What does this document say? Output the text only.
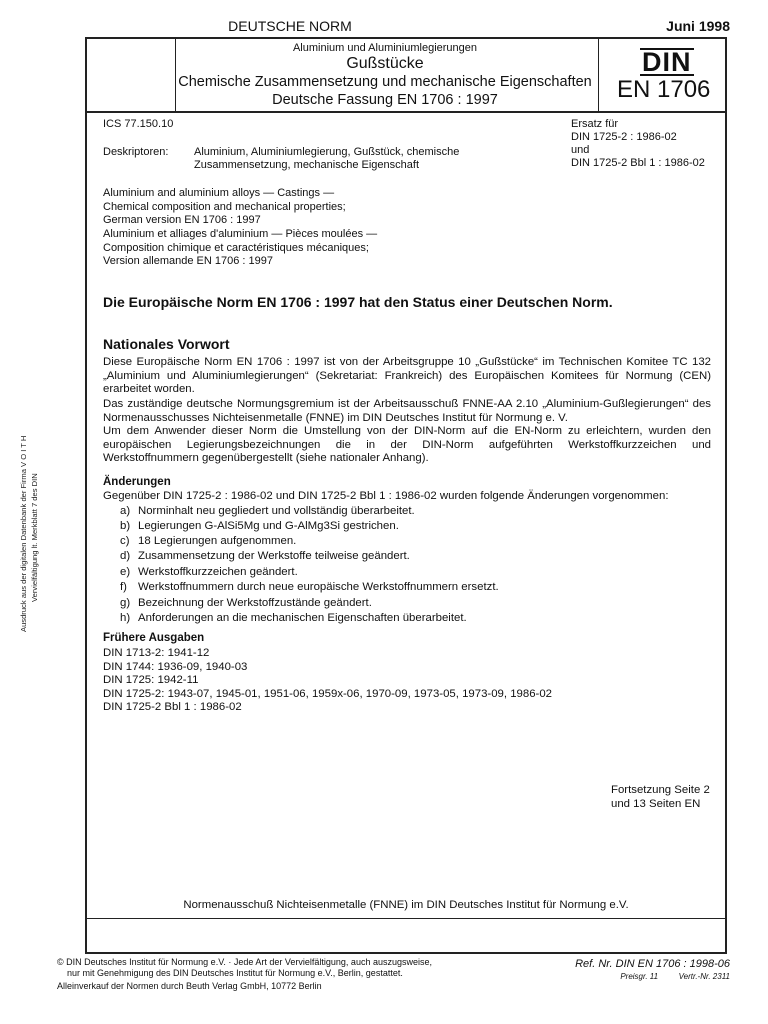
DEUTSCHE NORM	Juni 1998
Aluminium und Aluminiumlegierungen
Gußstücke
Chemische Zusammensetzung und mechanische Eigenschaften
Deutsche Fassung EN 1706 : 1997
DIN
EN 1706
ICS 77.150.10
Deskriptoren: Aluminium, Aluminiumlegierung, Gußstück, chemische
Zusammensetzung, mechanische Eigenschaft
Ersatz für
DIN 1725-2 : 1986-02
und
DIN 1725-2 Bbl 1 : 1986-02
Aluminium and aluminium alloys — Castings —
Chemical composition and mechanical properties;
German version EN 1706 : 1997
Aluminium et alliages d'aluminium — Pièces moulées —
Composition chimique et caractéristiques mécaniques;
Version allemande EN 1706 : 1997
Die Europäische Norm EN 1706 : 1997 hat den Status einer Deutschen Norm.
Nationales Vorwort
Diese Europäische Norm EN 1706 : 1997 ist von der Arbeitsgruppe 10 „Gußstücke“ im Technischen Komitee TC 132 „Aluminium und Aluminiumlegierungen“ (Sekretariat: Frankreich) des Europäischen Komitees für Normung (CEN) erarbeitet worden.
Das zuständige deutsche Normungsgremium ist der Arbeitsausschuß FNNE-AA 2.10 „Aluminium-Gußlegierungen“ des Normenausschusses Nichteisenmetalle (FNNE) im DIN Deutsches Institut für Normung e. V.
Um dem Anwender dieser Norm die Umstellung von der DIN-Norm auf die EN-Norm zu erleichtern, wurden den europäischen Legierungsbezeichnungen die in der DIN-Norm aufgeführten Werkstoffkurzzeichen und Werkstoffnummern gegenübergestellt (siehe nationaler Anhang).
Änderungen
Gegenüber DIN 1725-2 : 1986-02 und DIN 1725-2 Bbl 1 : 1986-02 wurden folgende Änderungen vorgenommen:
a) Norminhalt neu gegliedert und vollständig überarbeitet.
b) Legierungen G-AlSi5Mg und G-AlMg3Si gestrichen.
c) 18 Legierungen aufgenommen.
d) Zusammensetzung der Werkstoffe teilweise geändert.
e) Werkstoffkurzzeichen geändert.
f) Werkstoffnummern durch neue europäische Werkstoffnummern ersetzt.
g) Bezeichnung der Werkstoffzustände geändert.
h) Anforderungen an die mechanischen Eigenschaften überarbeitet.
Frühere Ausgaben
DIN 1713-2: 1941-12
DIN 1744: 1936-09, 1940-03
DIN 1725: 1942-11
DIN 1725-2: 1943-07, 1945-01, 1951-06, 1959x-06, 1970-09, 1973-05, 1973-09, 1986-02
DIN 1725-2 Bbl 1 : 1986-02
Fortsetzung Seite 2
und 13 Seiten EN
Normenausschuß Nichteisenmetalle (FNNE) im DIN Deutsches Institut für Normung e.V.
Ausdruck aus der digitalen Datenbank der Firma V O I T H Vervielfältigung lt. Merkblatt 7 des DIN
© DIN Deutsches Institut für Normung e.V. · Jede Art der Vervielfältigung, auch auszugsweise,
nur mit Genehmigung des DIN Deutsches Institut für Normung e.V., Berlin, gestattet.
Alleinverkauf der Normen durch Beuth Verlag GmbH, 10772 Berlin
Ref. Nr. DIN EN 1706 : 1998-06
Preisgr. 11	Vertr.-Nr. 2311
